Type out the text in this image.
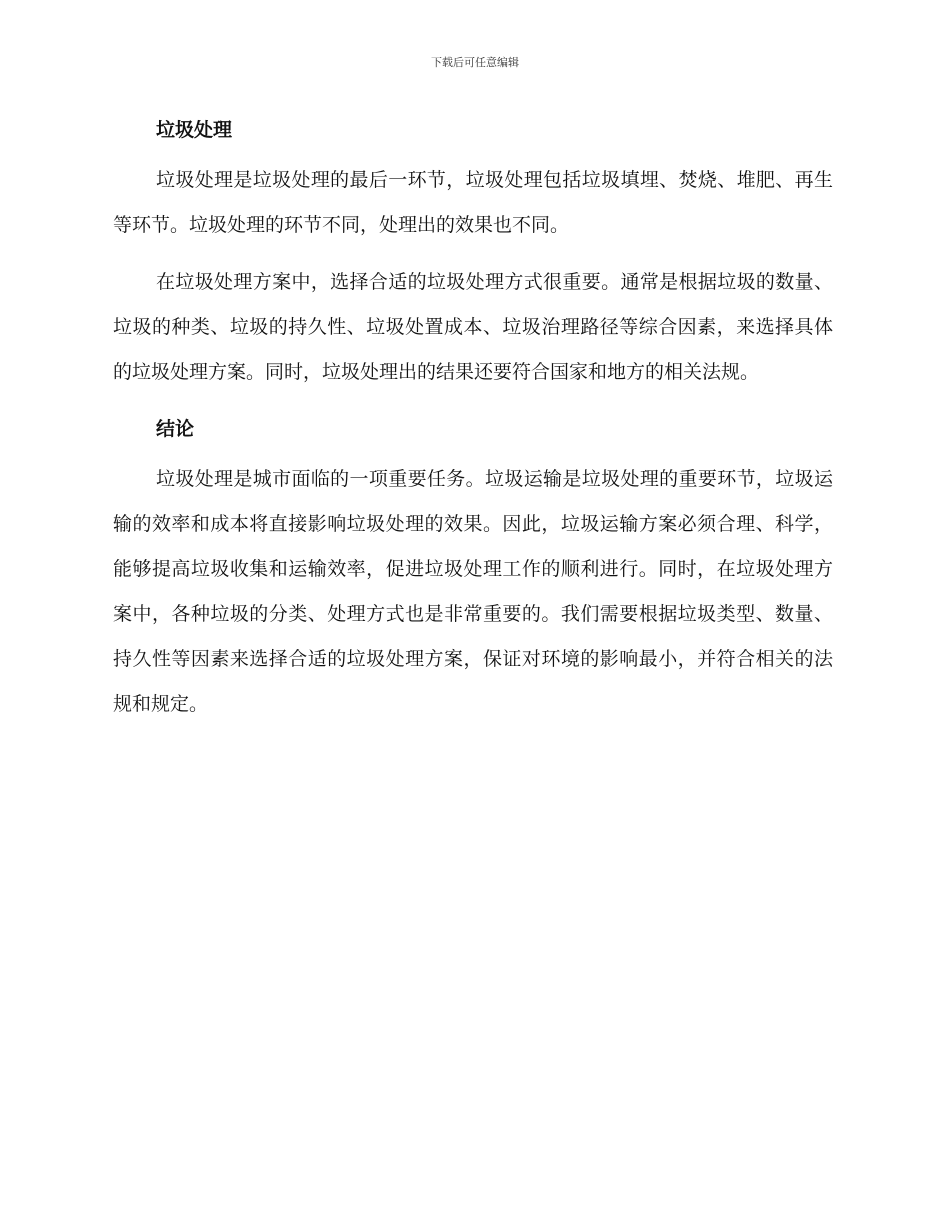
下载后可任意编辑
垃圾处理

垃圾处理是垃圾处理的最后一环节，垃圾处理包括垃圾填埋、焚烧、堆肥、再生等环节。垃圾处理的环节不同，处理出的效果也不同。

在垃圾处理方案中，选择合适的垃圾处理方式很重要。通常是根据垃圾的数量、垃圾的种类、垃圾的持久性、垃圾处置成本、垃圾治理路径等综合因素，来选择具体的垃圾处理方案。同时，垃圾处理出的结果还要符合国家和地方的相关法规。

结论

垃圾处理是城市面临的一项重要任务。垃圾运输是垃圾处理的重要环节，垃圾运输的效率和成本将直接影响垃圾处理的效果。因此，垃圾运输方案必须合理、科学，能够提高垃圾收集和运输效率，促进垃圾处理工作的顺利进行。同时，在垃圾处理方案中，各种垃圾的分类、处理方式也是非常重要的。我们需要根据垃圾类型、数量、持久性等因素来选择合适的垃圾处理方案，保证对环境的影响最小，并符合相关的法规和规定。
